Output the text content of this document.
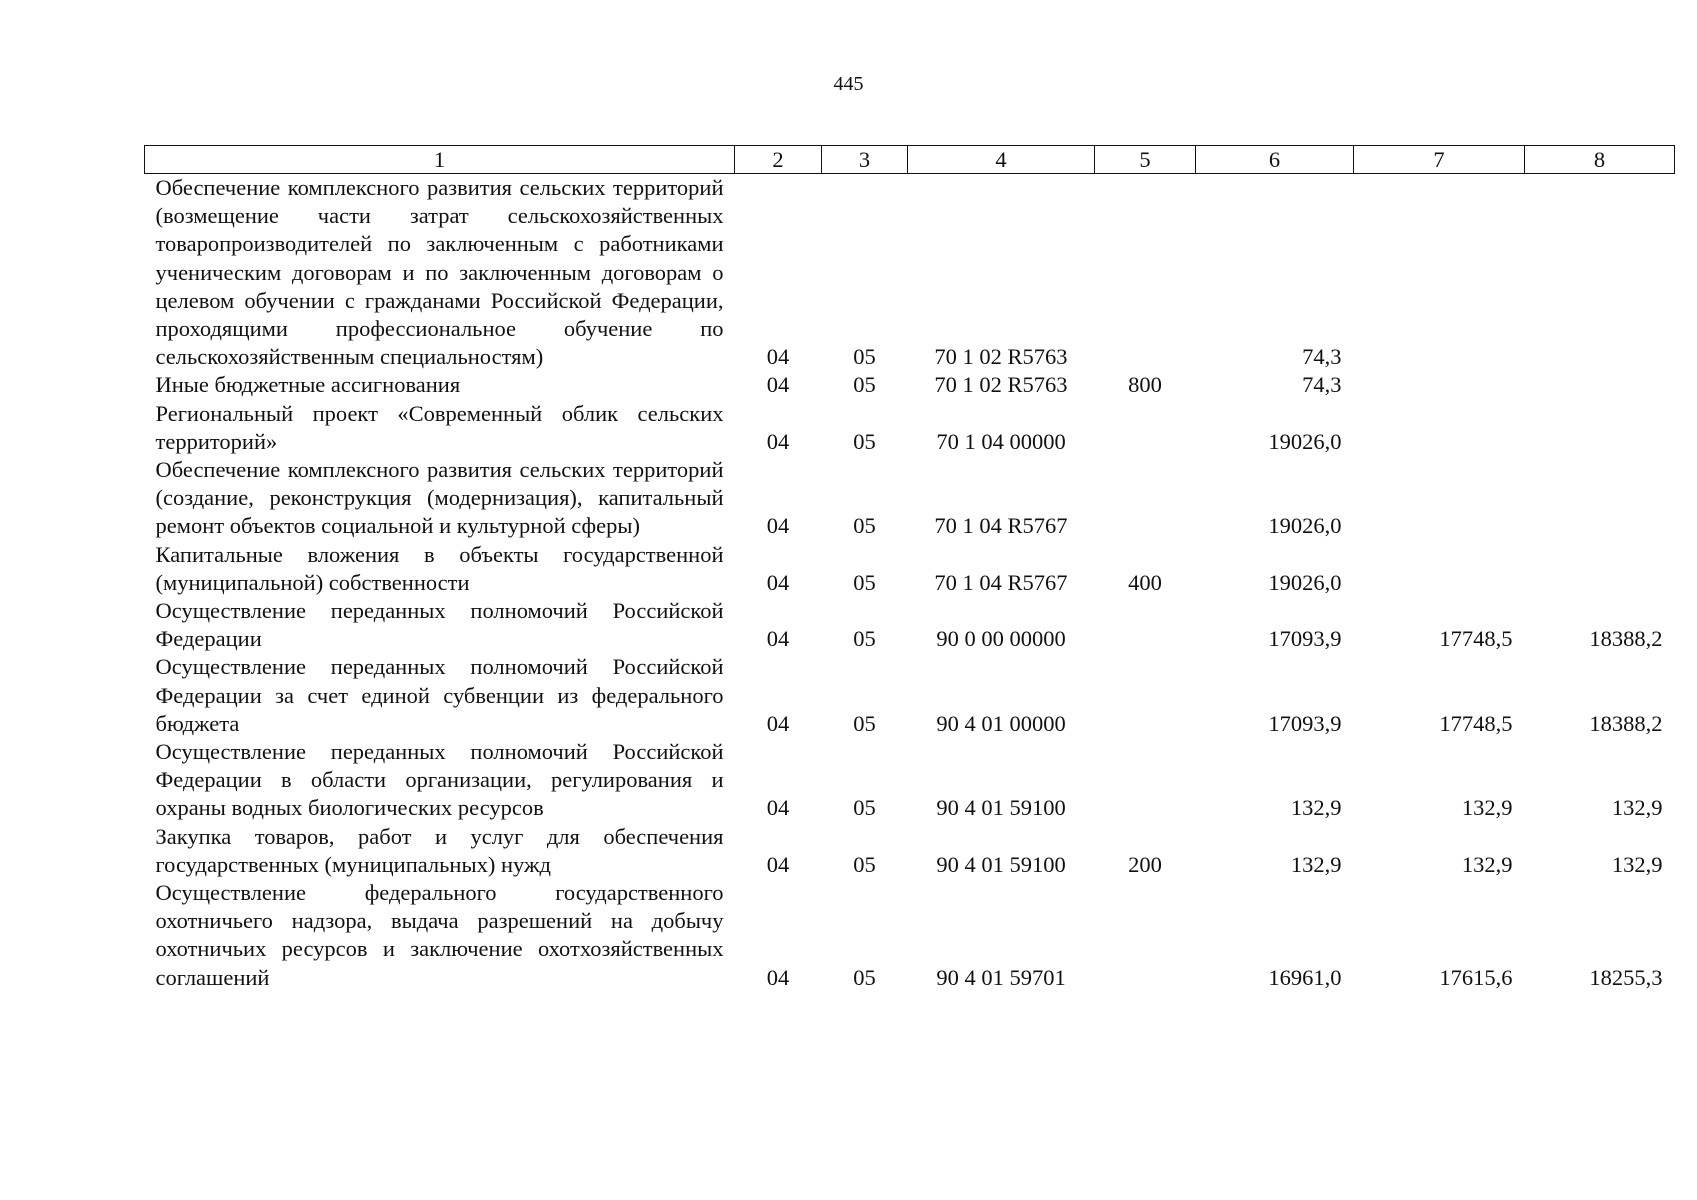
445
1	2	3	4	5	6	7	8
Обеспечение комплексного развития сельских территорий (возмещение части затрат сельскохозяйственных товаропроизводителей по заключенным с работниками ученическим договорам и по заключенным договорам о целевом обучении с гражданами Российской Федерации, проходящими профессиональное обучение по сельскохозяйственным специальностям)	04	05	70 1 02 R5763		74,3		
Иные бюджетные ассигнования	04	05	70 1 02 R5763	800	74,3		
Региональный проект «Современный облик сельских территорий»	04	05	70 1 04 00000		19026,0		
Обеспечение комплексного развития сельских территорий (создание, реконструкция (модернизация), капитальный ремонт объектов социальной и культурной сферы)	04	05	70 1 04 R5767		19026,0		
Капитальные вложения в объекты государственной (муниципальной) собственности	04	05	70 1 04 R5767	400	19026,0		
Осуществление переданных полномочий Российской Федерации	04	05	90 0 00 00000		17093,9	17748,5	18388,2
Осуществление переданных полномочий Российской Федерации за счет единой субвенции из федерального бюджета	04	05	90 4 01 00000		17093,9	17748,5	18388,2
Осуществление переданных полномочий Российской Федерации в области организации, регулирования и охраны водных биологических ресурсов	04	05	90 4 01 59100		132,9	132,9	132,9
Закупка товаров, работ и услуг для обеспечения государственных (муниципальных) нужд	04	05	90 4 01 59100	200	132,9	132,9	132,9
Осуществление федерального государственного охотничьего надзора, выдача разрешений на добычу охотничьих ресурсов и заключение охотхозяйственных соглашений	04	05	90 4 01 59701		16961,0	17615,6	18255,3
